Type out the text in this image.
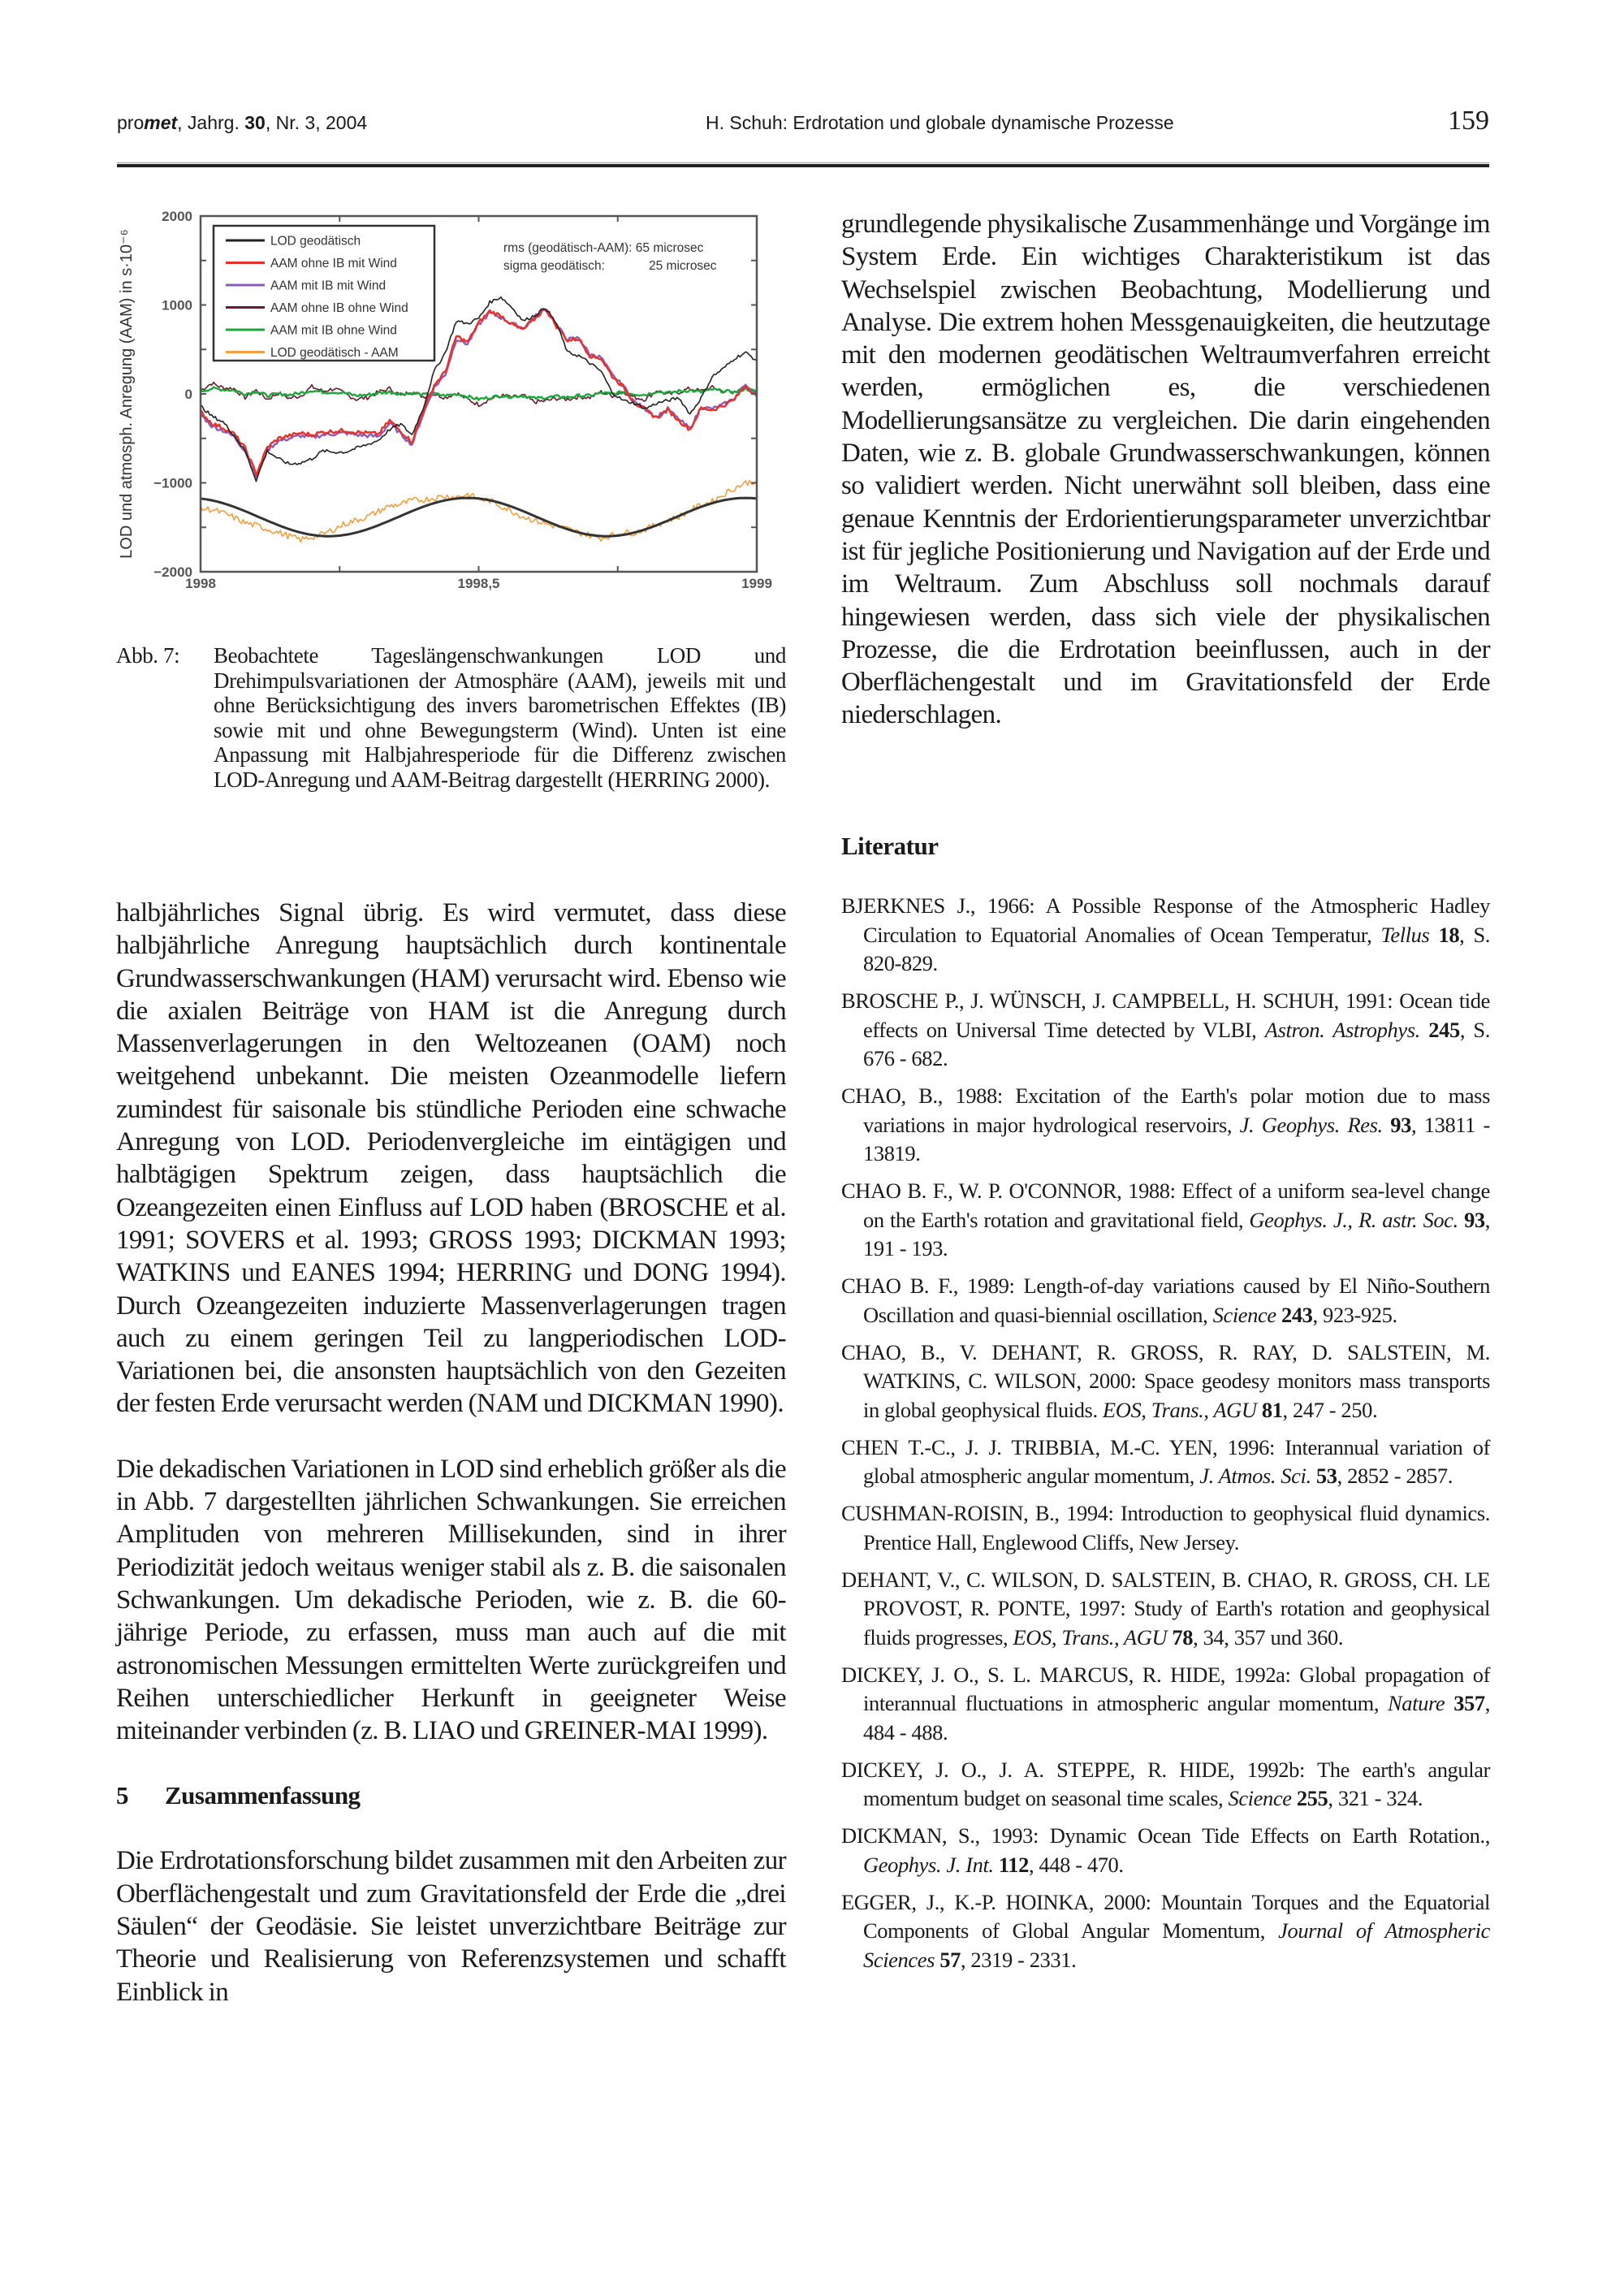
promet, Jahrg. 30, Nr. 3, 2004	H. Schuh: Erdrotation und globale dynamische Prozesse	159
2000
1000
0
−1000
−2000
1998	1998,5	1999
LOD und atmosph. Anregung (AAM) in s·10⁻⁶	LOD geodätisch
AAM ohne IB mit Wind
AAM mit IB mit Wind
AAM ohne IB ohne Wind
AAM mit IB ohne Wind
LOD geodätisch - AAM
rms (geodätisch-AAM): 65 microsec
sigma geodätisch:	25 microsec
Abb. 7: Beobachtete Tageslängenschwankungen LOD und Drehimpulsvariationen der Atmosphäre (AAM), jeweils mit und ohne Berücksichtigung des invers barometrischen Effektes (IB) sowie mit und ohne Bewegungsterm (Wind). Unten ist eine Anpassung mit Halbjahresperiode für die Differenz zwischen LOD-Anregung und AAM-Beitrag dargestellt (HERRING 2000).

grundlegende physikalische Zusammenhänge und Vorgänge im System Erde. Ein wichtiges Charakteristikum ist das Wechselspiel zwischen Beobachtung, Modellierung und Analyse. Die extrem hohen Messgenauigkeiten, die heutzutage mit den modernen geodätischen Weltraumverfahren erreicht werden, ermöglichen es, die verschiedenen Modellierungsansätze zu vergleichen. Die darin eingehenden Daten, wie z. B. globale Grundwasserschwankungen, können so validiert werden. Nicht unerwähnt soll bleiben, dass eine genaue Kenntnis der Erdorientierungsparameter unverzichtbar ist für jegliche Positionierung und Navigation auf der Erde und im Weltraum. Zum Abschluss soll nochmals darauf hingewiesen werden, dass sich viele der physikalischen Prozesse, die die Erdrotation beeinflussen, auch in der Oberflächengestalt und im Gravitationsfeld der Erde niederschlagen.

Literatur
BJERKNES J., 1966: A Possible Response of the Atmospheric Hadley Circulation to Equatorial Anomalies of Ocean Temperatur, Tellus 18, S. 820-829.
BROSCHE P., J. WÜNSCH, J. CAMPBELL, H. SCHUH, 1991: Ocean tide effects on Universal Time detected by VLBI, Astron. Astrophys. 245, S. 676 - 682.
CHAO, B., 1988: Excitation of the Earth's polar motion due to mass variations in major hydrological reservoirs, J. Geophys. Res. 93, 13811 - 13819.
CHAO B. F., W. P. O'CONNOR, 1988: Effect of a uniform sea-level change on the Earth's rotation and gravitational field, Geophys. J., R. astr. Soc. 93, 191 - 193.
CHAO B. F., 1989: Length-of-day variations caused by El Niño-Southern Oscillation and quasi-biennial oscillation, Science 243, 923-925.
CHAO, B., V. DEHANT, R. GROSS, R. RAY, D. SALSTEIN, M. WATKINS, C. WILSON, 2000: Space geodesy monitors mass transports in global geophysical fluids. EOS, Trans., AGU 81, 247 - 250.
CHEN T.-C., J. J. TRIBBIA, M.-C. YEN, 1996: Interannual variation of global atmospheric angular momentum, J. Atmos. Sci. 53, 2852 - 2857.
CUSHMAN-ROISIN, B., 1994: Introduction to geophysical fluid dynamics. Prentice Hall, Englewood Cliffs, New Jersey.
DEHANT, V., C. WILSON, D. SALSTEIN, B. CHAO, R. GROSS, CH. LE PROVOST, R. PONTE, 1997: Study of Earth's rotation and geophysical fluids progresses, EOS, Trans., AGU 78, 34, 357 und 360.
DICKEY, J. O., S. L. MARCUS, R. HIDE, 1992a: Global propagation of interannual fluctuations in atmospheric angular momentum, Nature 357, 484 - 488.
DICKEY, J. O., J. A. STEPPE, R. HIDE, 1992b: The earth's angular momentum budget on seasonal time scales, Science 255, 321 - 324.
DICKMAN, S., 1993: Dynamic Ocean Tide Effects on Earth Rotation., Geophys. J. Int. 112, 448 - 470.
EGGER, J., K.-P. HOINKA, 2000: Mountain Torques and the Equatorial Components of Global Angular Momentum, Journal of Atmospheric Sciences 57, 2319 - 2331.

halbjährliches Signal übrig. Es wird vermutet, dass diese halbjährliche Anregung hauptsächlich durch kontinentale Grundwasserschwankungen (HAM) verursacht wird. Ebenso wie die axialen Beiträge von HAM ist die Anregung durch Massenverlagerungen in den Weltozeanen (OAM) noch weitgehend unbekannt. Die meisten Ozeanmodelle liefern zumindest für saisonale bis stündliche Perioden eine schwache Anregung von LOD. Periodenvergleiche im eintägigen und halbtägigen Spektrum zeigen, dass hauptsächlich die Ozeangezeiten einen Einfluss auf LOD haben (BROSCHE et al. 1991; SOVERS et al. 1993; GROSS 1993; DICKMAN 1993; WATKINS und EANES 1994; HERRING und DONG 1994). Durch Ozeangezeiten induzierte Massenverlagerungen tragen auch zu einem geringen Teil zu langperiodischen LOD-Variationen bei, die ansonsten hauptsächlich von den Gezeiten der festen Erde verursacht werden (NAM und DICKMAN 1990).

Die dekadischen Variationen in LOD sind erheblich größer als die in Abb. 7 dargestellten jährlichen Schwankungen. Sie erreichen Amplituden von mehreren Millisekunden, sind in ihrer Periodizität jedoch weitaus weniger stabil als z. B. die saisonalen Schwankungen. Um dekadische Perioden, wie z. B. die 60-jährige Periode, zu erfassen, muss man auch auf die mit astronomischen Messungen ermittelten Werte zurückgreifen und Reihen unterschiedlicher Herkunft in geeigneter Weise miteinander verbinden (z. B. LIAO und GREINER-MAI 1999).

5 Zusammenfassung

Die Erdrotationsforschung bildet zusammen mit den Arbeiten zur Oberflächengestalt und zum Gravitationsfeld der Erde die „drei Säulen“ der Geodäsie. Sie leistet unverzichtbare Beiträge zur Theorie und Realisierung von Referenzsystemen und schafft Einblick in
